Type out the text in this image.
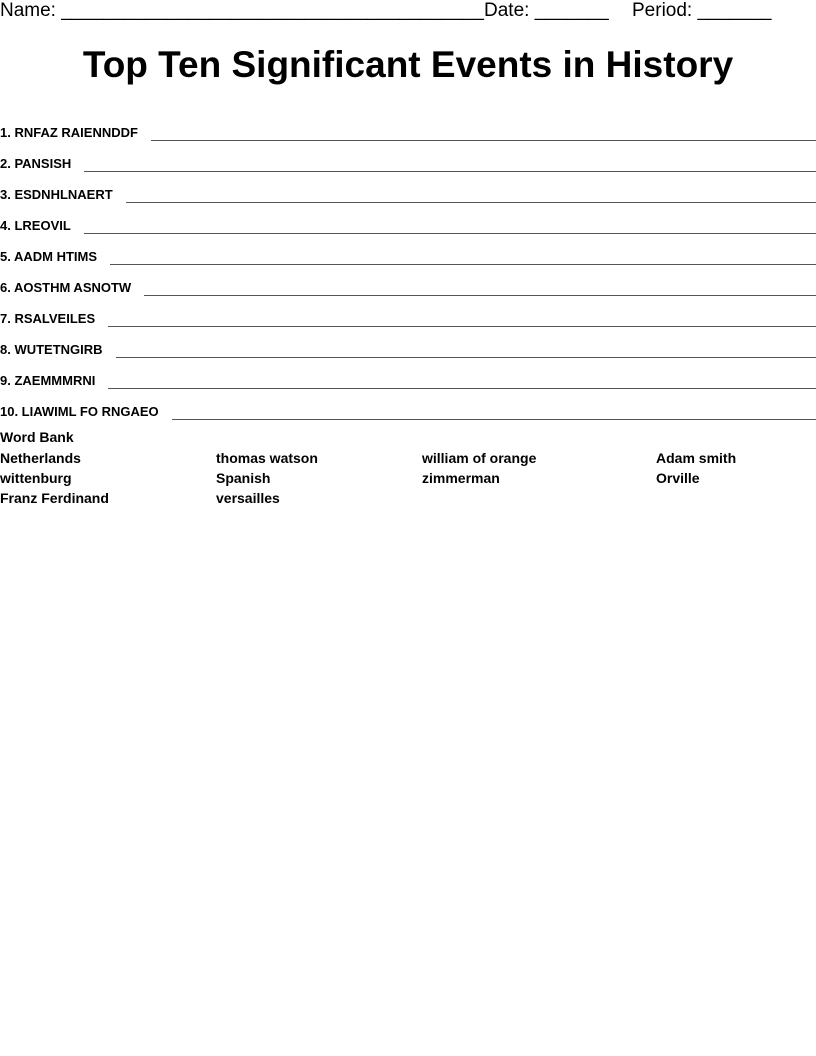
Name: ________________________________________ Date: _______ Period: _______
Top Ten Significant Events in History
1. RNFAZ RAIENNDDF
2. PANSISH
3. ESDNHLNAERT
4. LREOVIL
5. AADM HTIMS
6. AOSTHM ASNOTW
7. RSALVEILES
8. WUTETNGIRB
9. ZAEMMMRNI
10. LIAWIML FO RNGAEO
Word Bank
Netherlands	thomas watson	william of orange	Adam smith
wittenburg	Spanish	zimmerman	Orville
Franz Ferdinand	versailles
